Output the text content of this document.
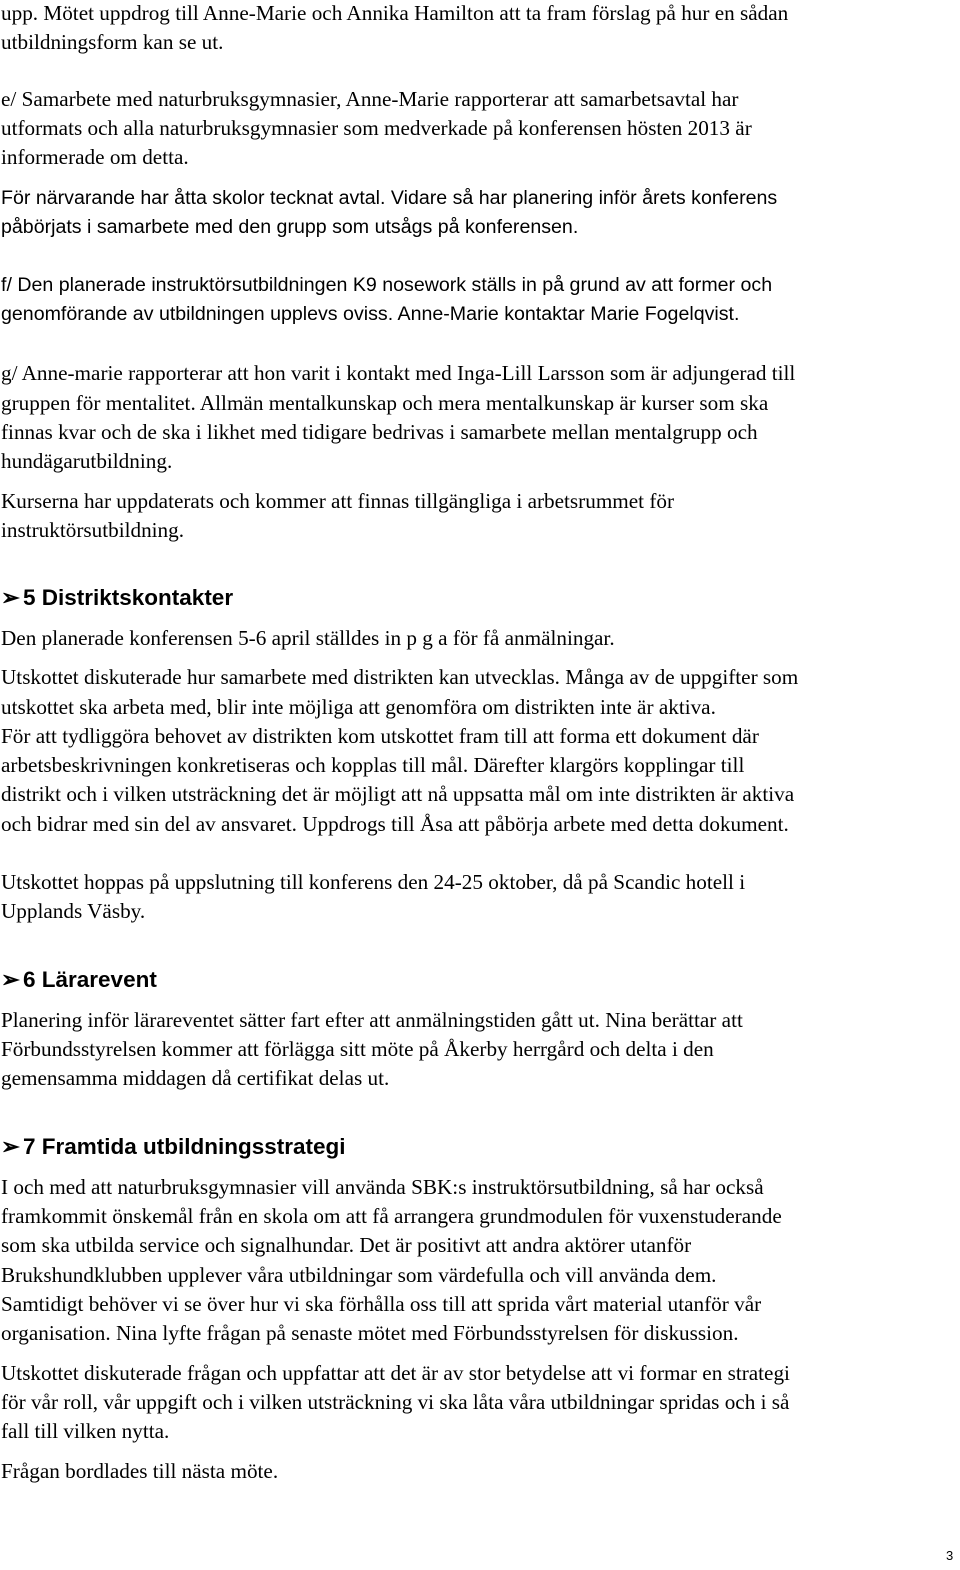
upp. Mötet uppdrog till Anne-Marie och Annika Hamilton att ta fram förslag på hur en sådan
utbildningsform kan se ut.
e/ Samarbete med naturbruksgymnasier, Anne-Marie rapporterar att samarbetsavtal har
utformats och alla naturbruksgymnasier som medverkade på konferensen hösten 2013 är
informerade om detta.
För närvarande har åtta skolor tecknat avtal. Vidare så har planering inför årets konferens
påbörjats i samarbete med den grupp som utsågs på konferensen.
f/ Den planerade instruktörsutbildningen K9 nosework ställs in på grund av att former och
genomförande av utbildningen upplevs oviss. Anne-Marie kontaktar Marie Fogelqvist.
g/ Anne-marie rapporterar att hon varit i kontakt med Inga-Lill Larsson som är adjungerad till
gruppen för mentalitet. Allmän mentalkunskap och mera mentalkunskap är kurser som ska
finnas kvar och de ska i likhet med tidigare bedrivas i samarbete mellan mentalgrupp och
hundägarutbildning.
Kurserna har uppdaterats och kommer att finnas tillgängliga i arbetsrummet för
instruktörsutbildning.
➢ 5 Distriktskontakter
Den planerade konferensen 5-6 april ställdes in p g a för få anmälningar.
Utskottet diskuterade hur samarbete med distrikten kan utvecklas. Många av de uppgifter som
utskottet ska arbeta med, blir inte möjliga att genomföra om distrikten inte är aktiva.
För att tydliggöra behovet av distrikten kom utskottet fram till att forma ett dokument där
arbetsbeskrivningen konkretiseras och kopplas till mål. Därefter klargörs kopplingar till
distrikt och i vilken utsträckning det är möjligt att nå uppsatta mål om inte distrikten är aktiva
och bidrar med sin del av ansvaret. Uppdrogs till Åsa att påbörja arbete med detta dokument.
Utskottet hoppas på uppslutning till konferens den 24-25 oktober, då på Scandic hotell i
Upplands Väsby.
➢ 6 Lärarevent
Planering inför lärareventet sätter fart efter att anmälningstiden gått ut. Nina berättar att
Förbundsstyrelsen kommer att förlägga sitt möte på Åkerby herrgård och delta i den
gemensamma middagen då certifikat delas ut.
➢ 7 Framtida utbildningsstrategi
I och med att naturbruksgymnasier vill använda SBK:s instruktörsutbildning, så har också
framkommit önskemål från en skola om att få arrangera grundmodulen för vuxenstuderande
som ska utbilda service och signalhundar. Det är positivt att andra aktörer utanför
Brukshundklubben upplever våra utbildningar som värdefulla och vill använda dem.
Samtidigt behöver vi se över hur vi ska förhålla oss till att sprida vårt material utanför vår
organisation. Nina lyfte frågan på senaste mötet med Förbundsstyrelsen för diskussion.
Utskottet diskuterade frågan och uppfattar att det är av stor betydelse att vi formar en strategi
för vår roll, vår uppgift och i vilken utsträckning vi ska låta våra utbildningar spridas och i så
fall till vilken nytta.
Frågan bordlades till nästa möte.
3
